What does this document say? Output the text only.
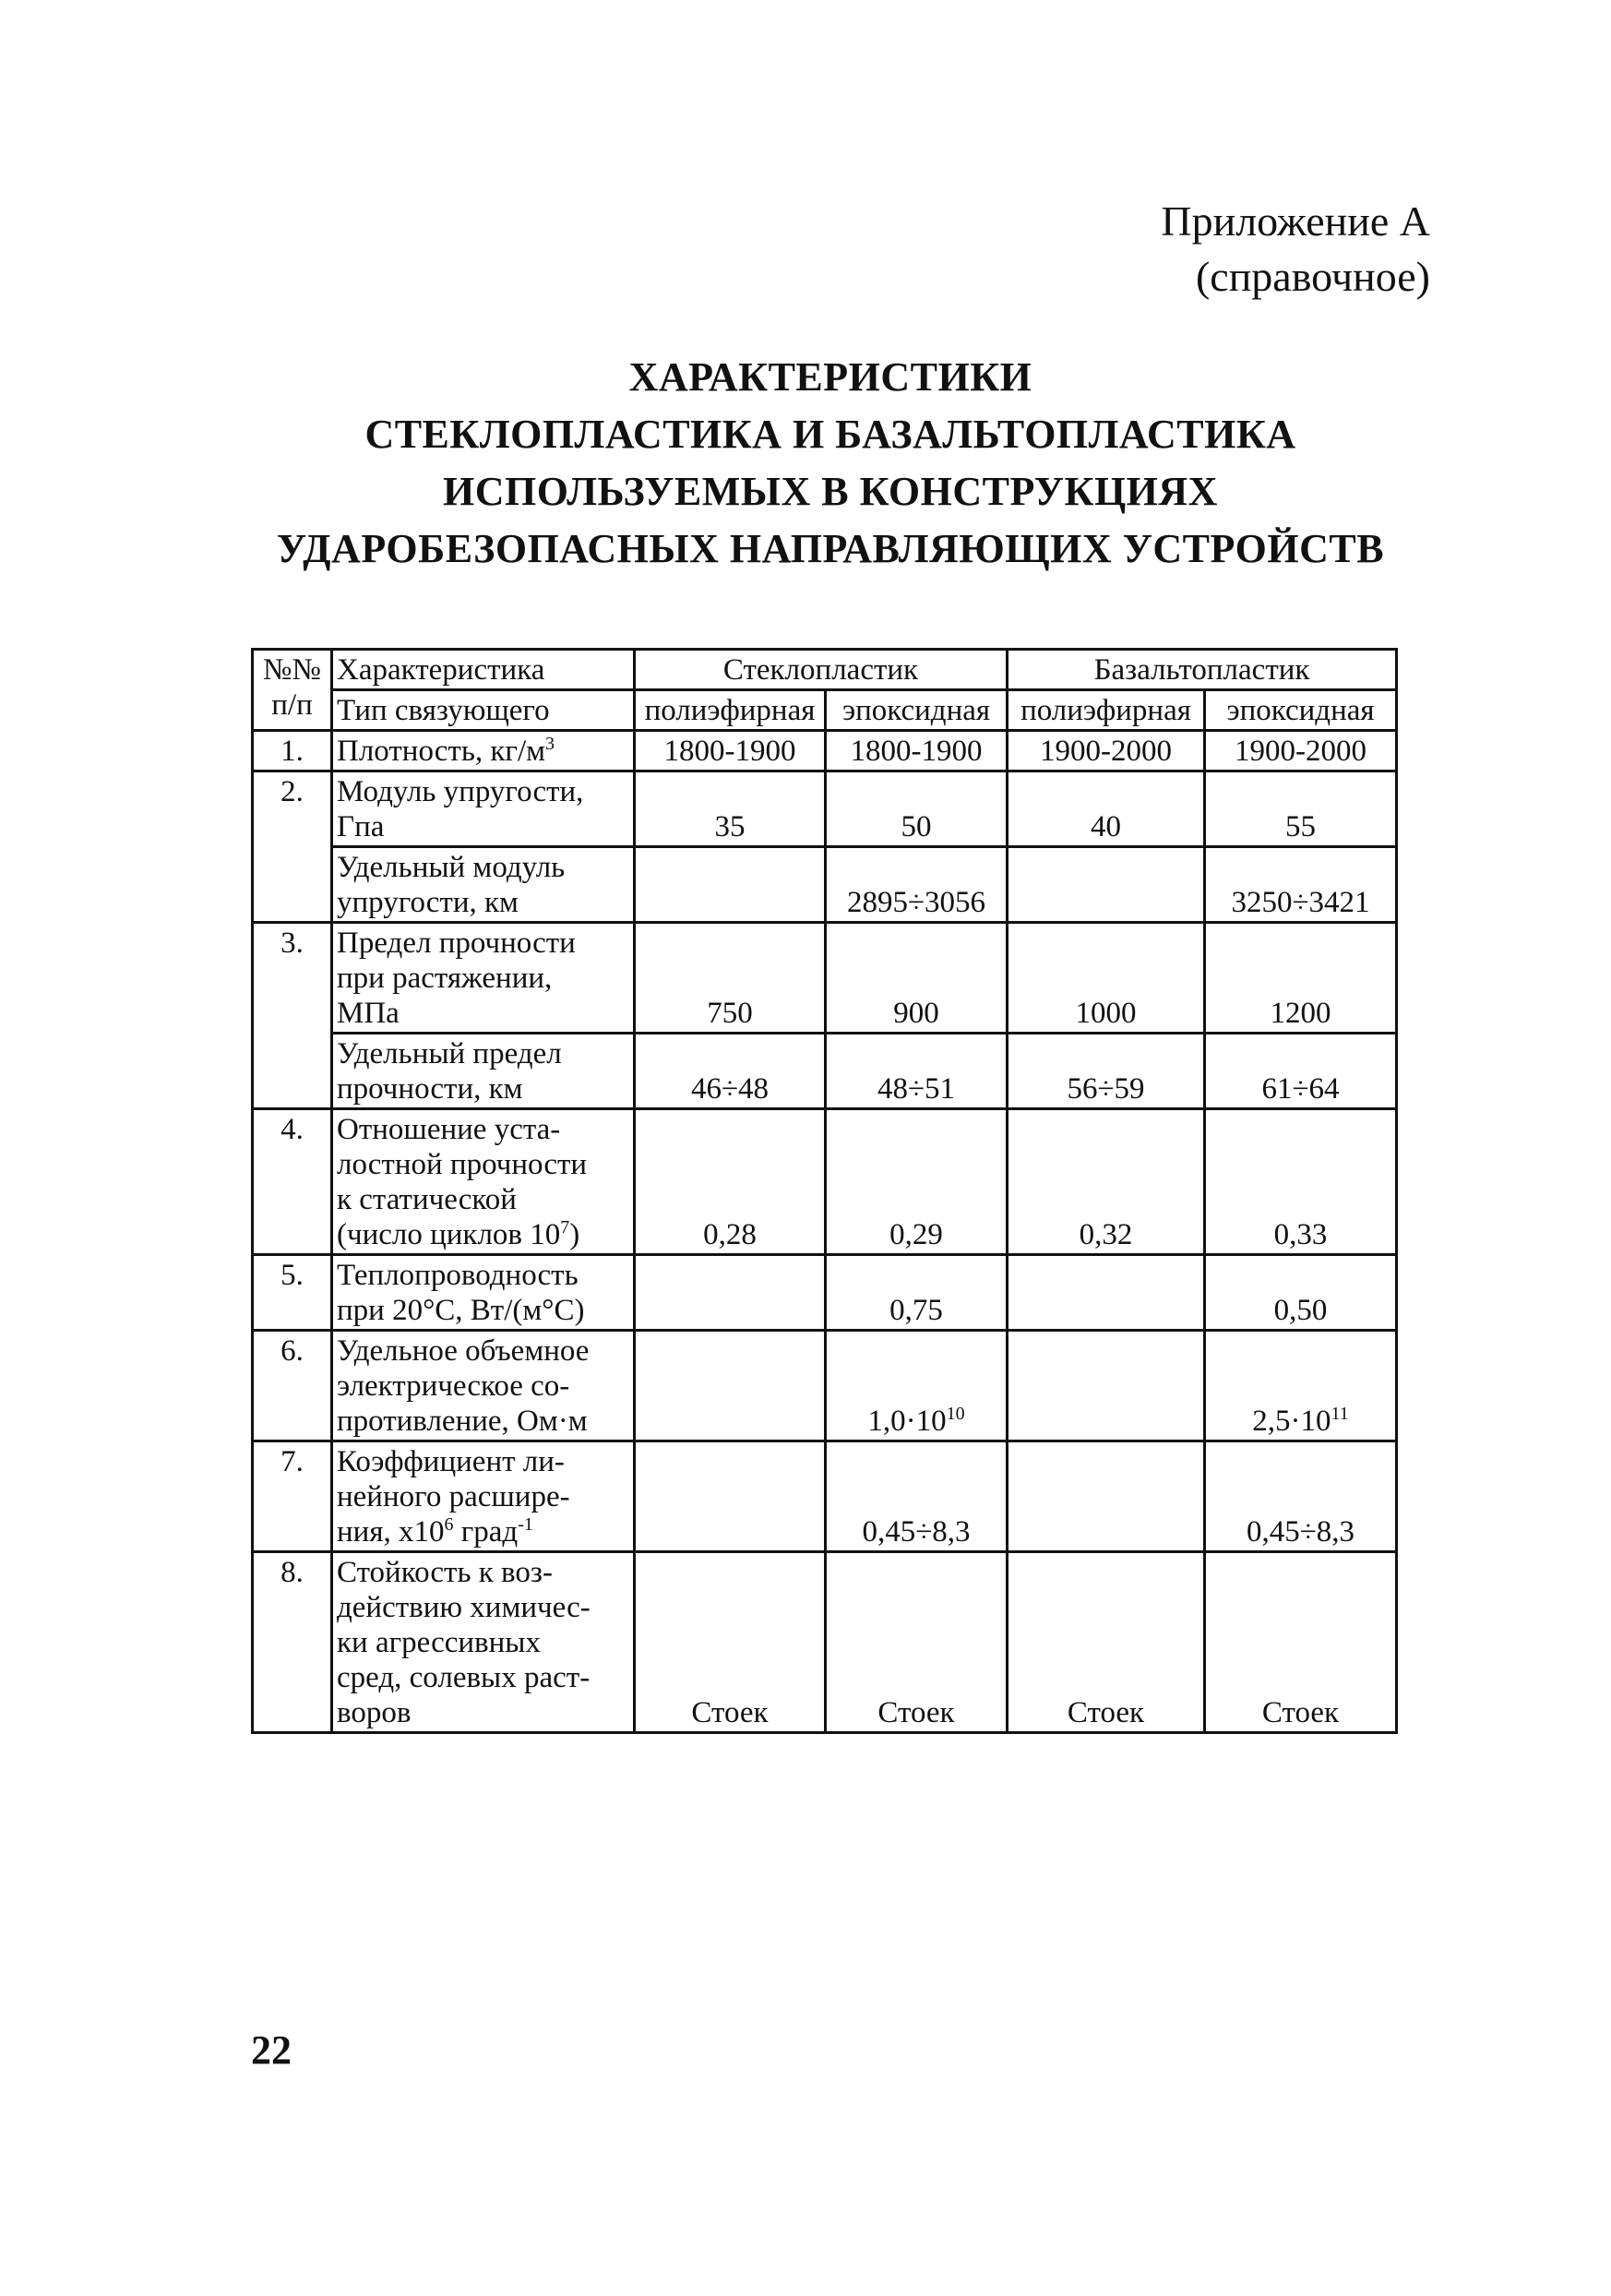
Приложение А
(справочное)
ХАРАКТЕРИСТИКИ
СТЕКЛОПЛАСТИКА И БАЗАЛЬТОПЛАСТИКА
ИСПОЛЬЗУЕМЫХ В КОНСТРУКЦИЯХ
УДАРОБЕЗОПАСНЫХ НАПРАВЛЯЮЩИХ УСТРОЙСТВ
№№
п/п	Характеристика	Стеклопластик		Базальтопластик	
	Тип связующего	полиэфирная	эпоксидная	полиэфирная	эпоксидная
1.	Плотность, $кг/м^3$	1800-1900	1800-1900	1900-2000	1900-2000
2.	Модуль упругости,
Гпа	35	50	40	55

	Удельный модуль
упругости, км		2895÷3056		3250÷3421
3.	Предел прочности
при растяжении,
МПа	750	900	1000	1200

	Удельный предел
прочности, км	46÷48	48÷51	56÷59	61÷64
4.	Отношение уста-
лостной прочности
к статической
(число циклов $10^7$)	0,28	0,29	0,32	0,33
5.	Теплопроводность
при 20°C, Вт/(м°C)		0,75		0,50
6.	Удельное объемное
электрическое со-
противление, Ом·м		$1,0\cdot 10^{10}$		$2,5\cdot 10^{11}$
7.	Коэффициент ли-
нейного расшире-
ния, $x10^6$ град$^{-1}$		0,45÷8,3		0,45÷8,3
8.	Стойкость к воз-
действию химичес-
ки агрессивных
сред, солевых раст-
воров	Стоек	Стоек	Стоек	Стоек
22
